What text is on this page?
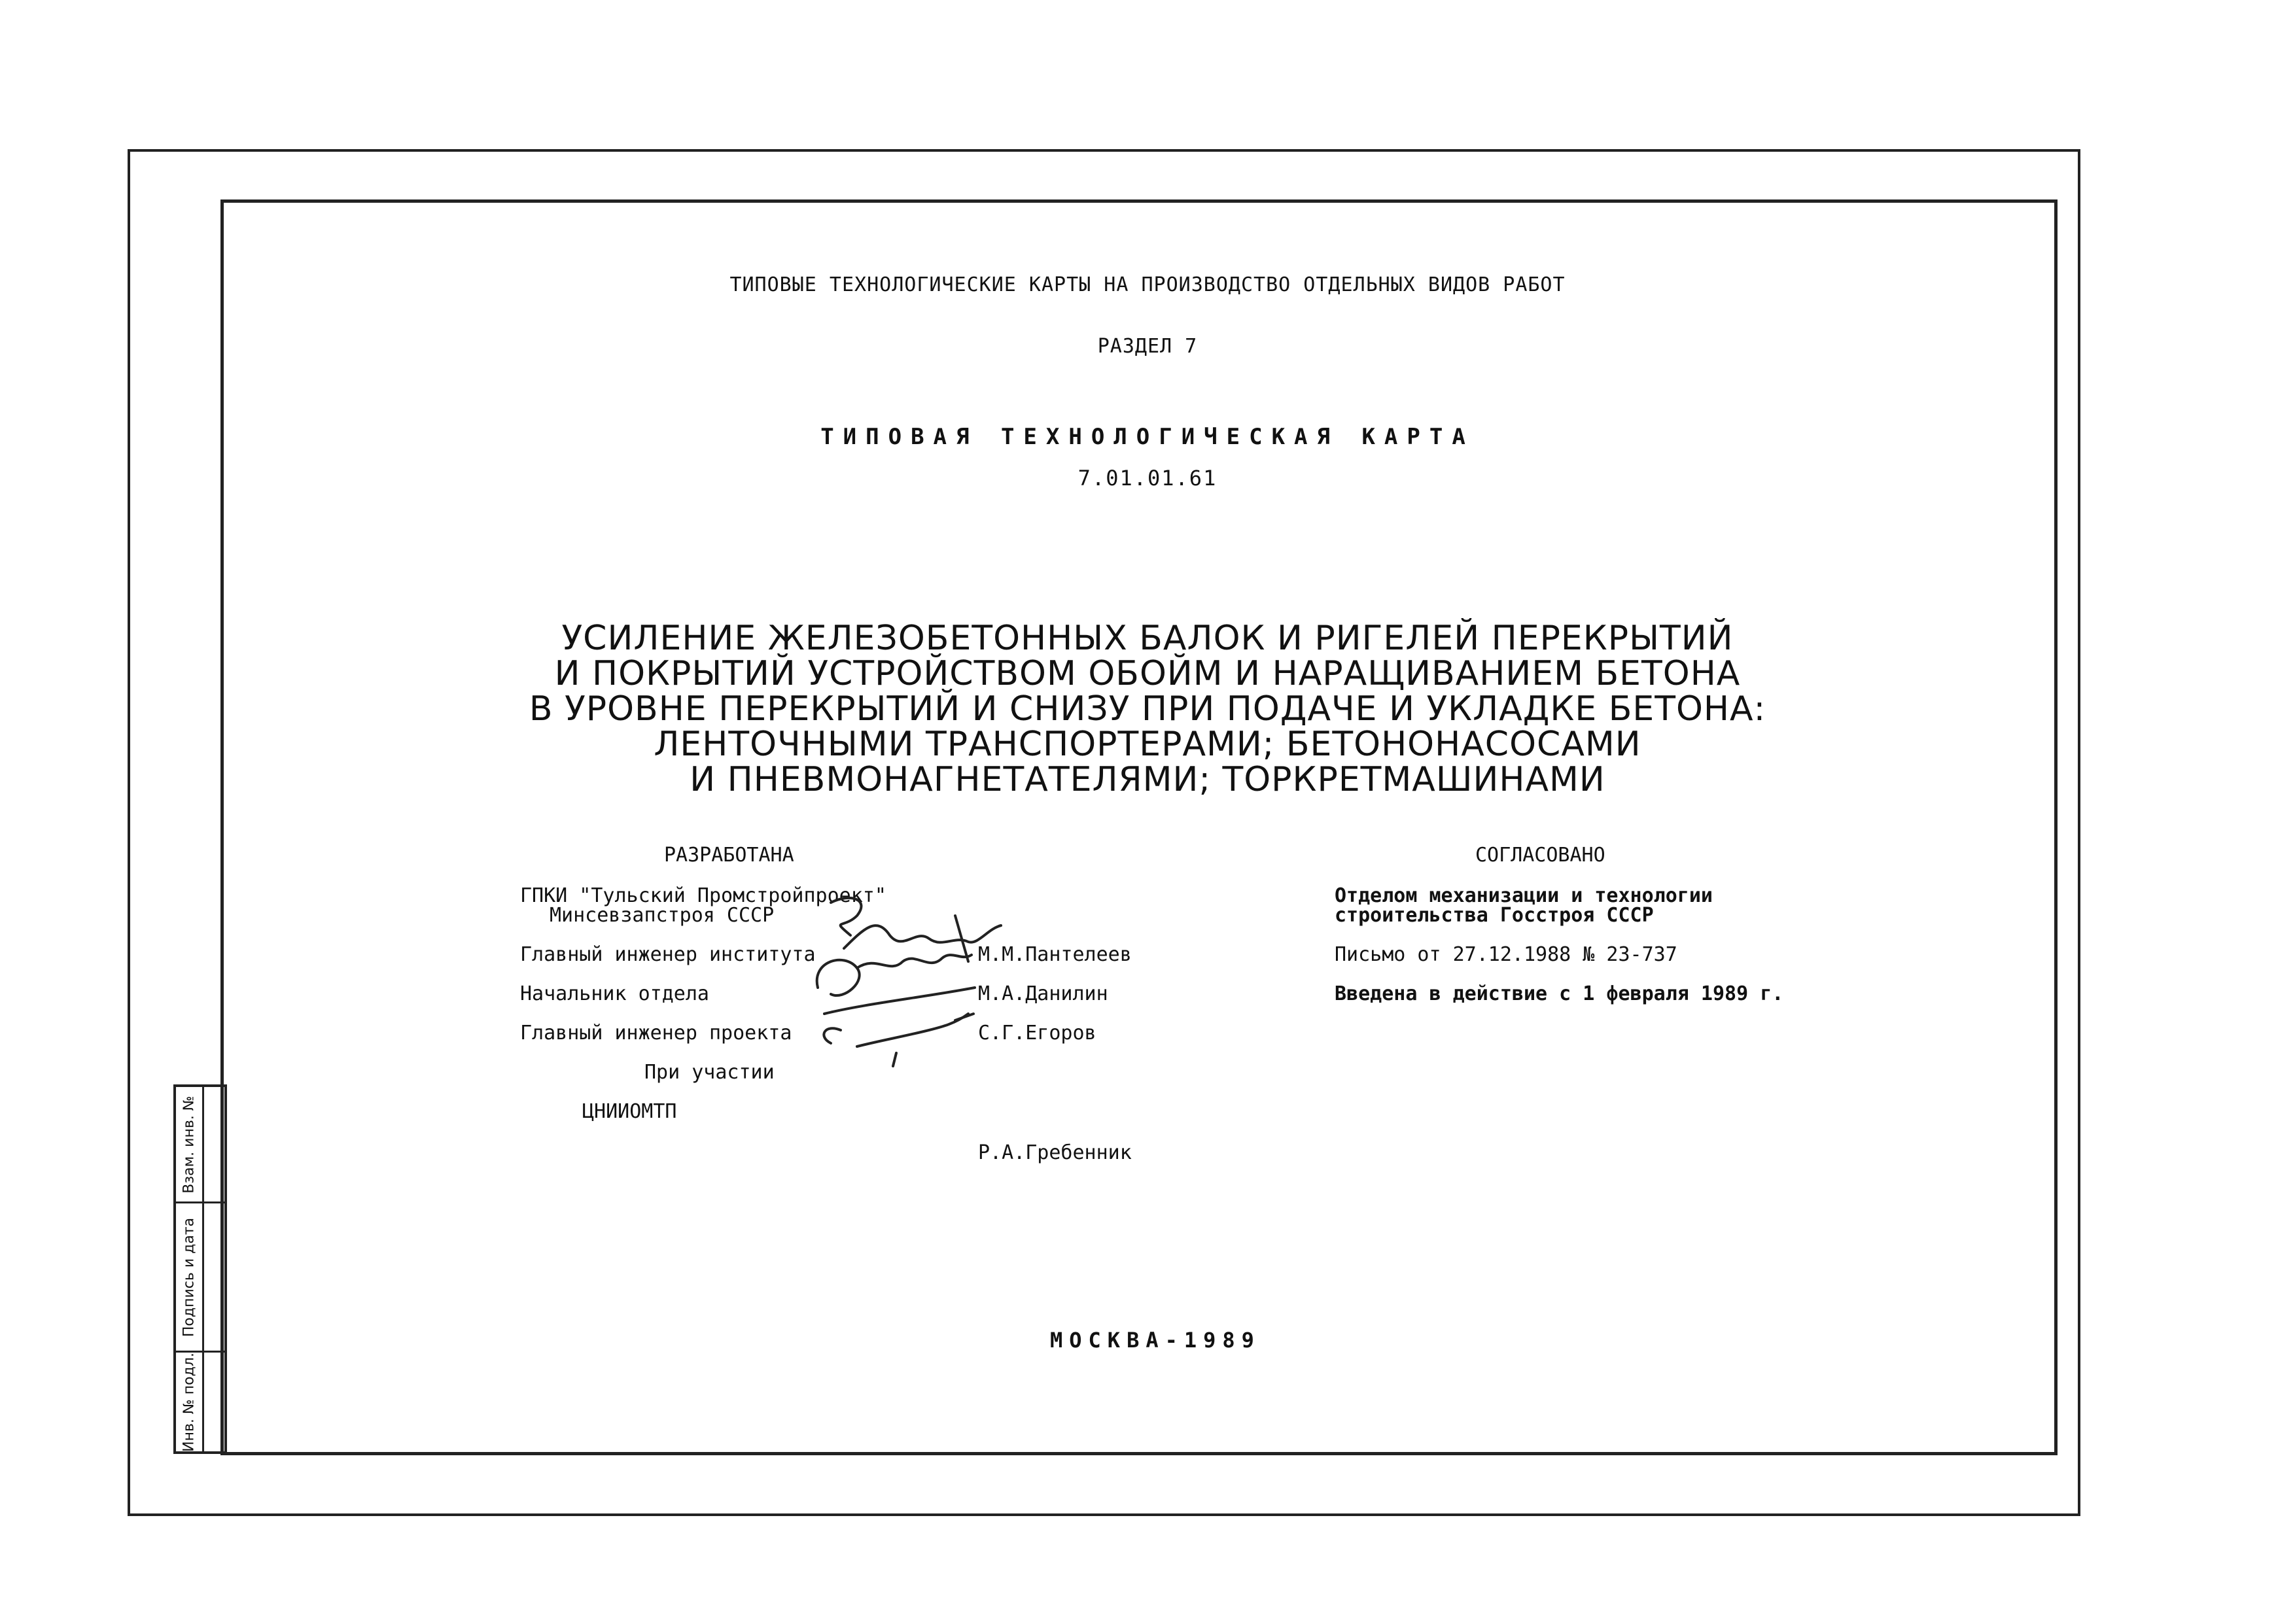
Взам. инв. №
Подпись и дата
Инв. № подл.
ТИПОВЫЕ ТЕХНОЛОГИЧЕСКИЕ КАРТЫ НА ПРОИЗВОДСТВО ОТДЕЛЬНЫХ ВИДОВ РАБОТ
РАЗДЕЛ 7
ТИПОВАЯ ТЕХНОЛОГИЧЕСКАЯ КАРТА
7.01.01.61
УСИЛЕНИЕ ЖЕЛЕЗОБЕТОННЫХ БАЛОК И РИГЕЛЕЙ ПЕРЕКРЫТИЙ
И ПОКРЫТИЙ УСТРОЙСТВОМ ОБОЙМ И НАРАЩИВАНИЕМ БЕТОНА
В УРОВНЕ ПЕРЕКРЫТИЙ И СНИЗУ ПРИ ПОДАЧЕ И УКЛАДКЕ БЕТОНА:
ЛЕНТОЧНЫМИ ТРАНСПОРТЕРАМИ; БЕТОНОНАСОСАМИ
И ПНЕВМОНАГНЕТАТЕЛЯМИ; ТОРКРЕТМАШИНАМИ
РАЗРАБОТАНА
ГПКИ "Тульский Промстройпроект"
Минсевзапстроя СССР
Главный инженер института	М.М.Пантелеев
Начальник отдела	М.А.Данилин
Главный инженер проекта	С.Г.Егоров
При участии
ЦНИИОМТП
Р.А.Гребенник
СОГЛАСОВАНО
Отделом механизации и технологии
строительства Госстроя СССР
Письмо от 27.12.1988 № 23-737
Введена в действие с 1 февраля 1989 г.
МОСКВА-1989
